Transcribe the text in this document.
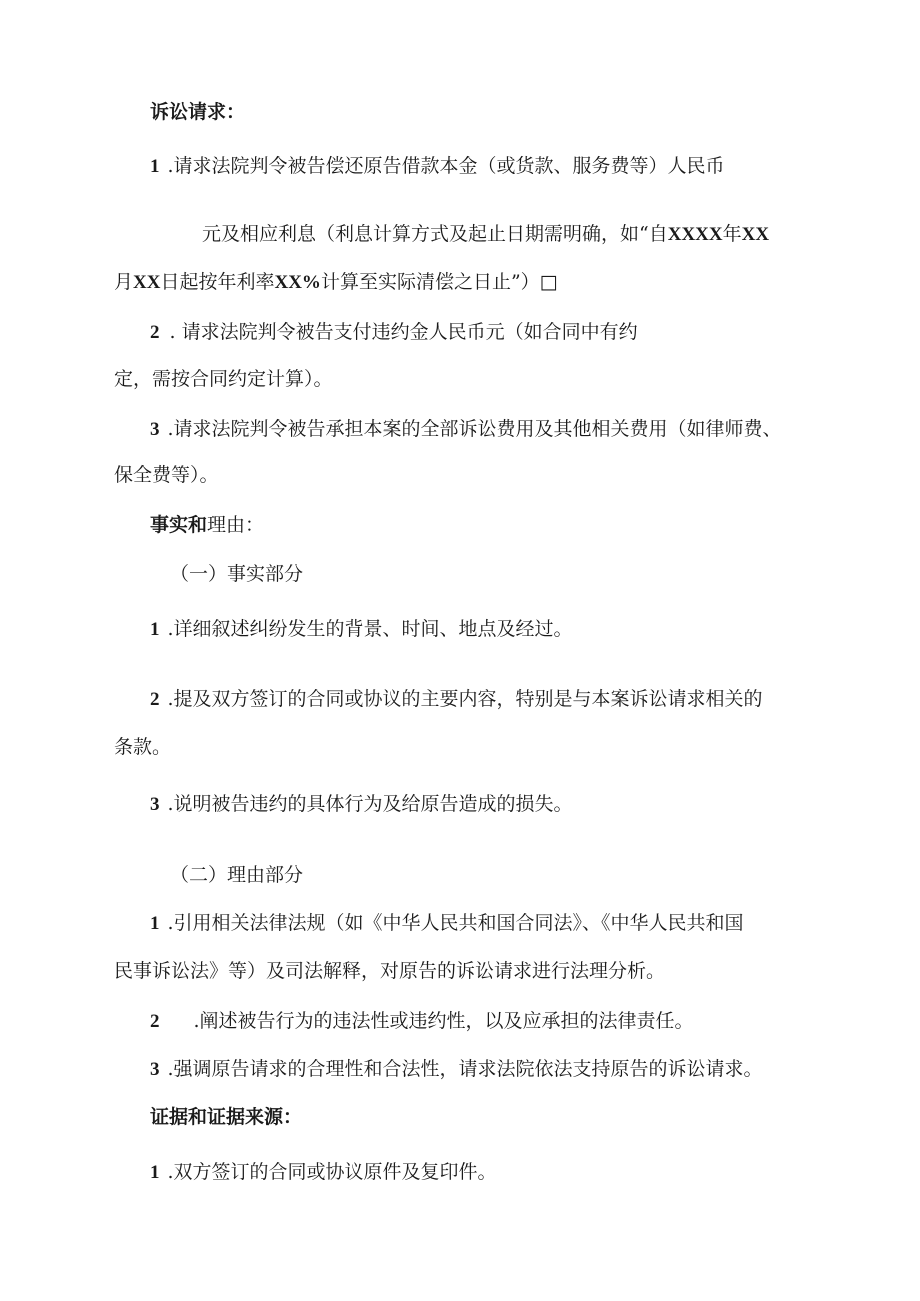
诉讼请求：
1 .请求法院判令被告偿还原告借款本金（或货款、服务费等）人民币
元及相应利息（利息计算方式及起止日期需明确，如“自XXXX年XX
月XX日起按年利率XX%计算至实际清偿之日止”）□
2 . 请求法院判令被告支付违约金人民币元（如合同中有约
定，需按合同约定计算）。
3 .请求法院判令被告承担本案的全部诉讼费用及其他相关费用（如律师费、
保全费等）。
事实和理由：
（一）事实部分
1 .详细叙述纠纷发生的背景、时间、地点及经过。
2 .提及双方签订的合同或协议的主要内容，特别是与本案诉讼请求相关的
条款。
3 .说明被告违约的具体行为及给原告造成的损失。
（二）理由部分
1 .引用相关法律法规（如《中华人民共和国合同法》、《中华人民共和国
民事诉讼法》等）及司法解释，对原告的诉讼请求进行法理分析。
2 .阐述被告行为的违法性或违约性，以及应承担的法律责任。
3 .强调原告请求的合理性和合法性，请求法院依法支持原告的诉讼请求。
证据和证据来源：
1 .双方签订的合同或协议原件及复印件。
